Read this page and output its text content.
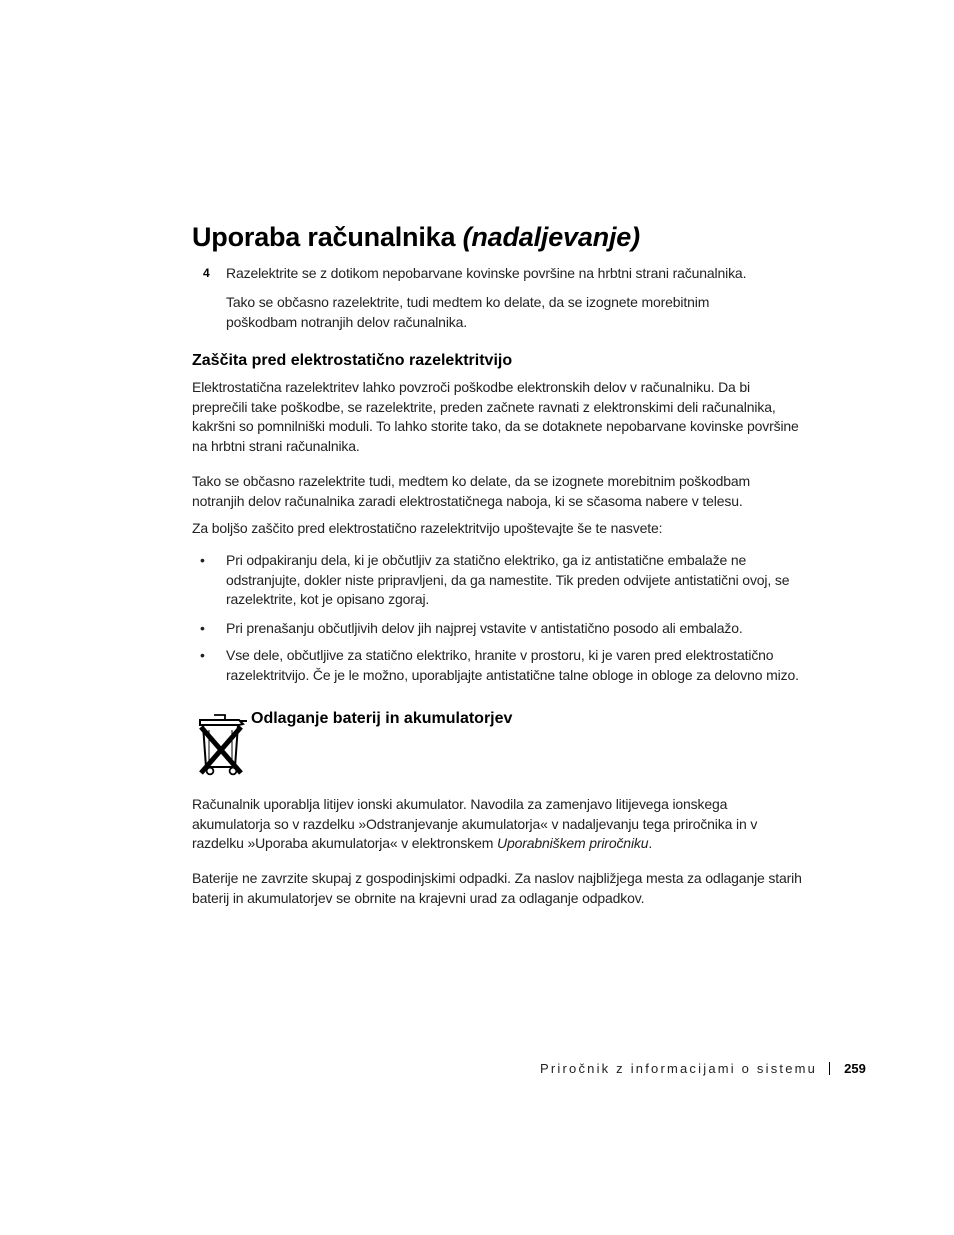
Uporaba računalnika (nadaljevanje)
4 Razelektrite se z dotikom nepobarvane kovinske površine na hrbtni strani računalnika.

Tako se občasno razelektrite, tudi medtem ko delate, da se izognete morebitnim poškodbam notranjih delov računalnika.

Zaščita pred elektrostatično razelektritvijo

Elektrostatična razelektritev lahko povzroči poškodbe elektronskih delov v računalniku. Da bi preprečili take poškodbe, se razelektrite, preden začnete ravnati z elektronskimi deli računalnika, kakršni so pomnilniški moduli. To lahko storite tako, da se dotaknete nepobarvane kovinske površine na hrbtni strani računalnika.

Tako se občasno razelektrite tudi, medtem ko delate, da se izognete morebitnim poškodbam notranjih delov računalnika zaradi elektrostatičnega naboja, ki se sčasoma nabere v telesu.

Za boljšo zaščito pred elektrostatično razelektritvijo upoštevajte še te nasvete:

• Pri odpakiranju dela, ki je občutljiv za statično elektriko, ga iz antistatične embalaže ne odstranjujte, dokler niste pripravljeni, da ga namestite. Tik preden odvijete antistatični ovoj, se razelektrite, kot je opisano zgoraj.
• Pri prenašanju občutljivih delov jih najprej vstavite v antistatično posodo ali embalažo.
• Vse dele, občutljive za statično elektriko, hranite v prostoru, ki je varen pred elektrostatično razelektritvijo. Če je le možno, uporabljajte antistatične talne obloge in obloge za delovno mizo.
Odlaganje baterij in akumulatorjev

Računalnik uporablja litijev ionski akumulator. Navodila za zamenjavo litijevega ionskega akumulatorja so v razdelku »Odstranjevanje akumulatorja« v nadaljevanju tega priročnika in v razdelku »Uporaba akumulatorja« v elektronskem Uporabniškem priročniku.

Baterije ne zavrzite skupaj z gospodinjskimi odpadki. Za naslov najbližjega mesta za odlaganje starih baterij in akumulatorjev se obrnite na krajevni urad za odlaganje odpadkov.

Priročnik z informacijami o sistemu 259
